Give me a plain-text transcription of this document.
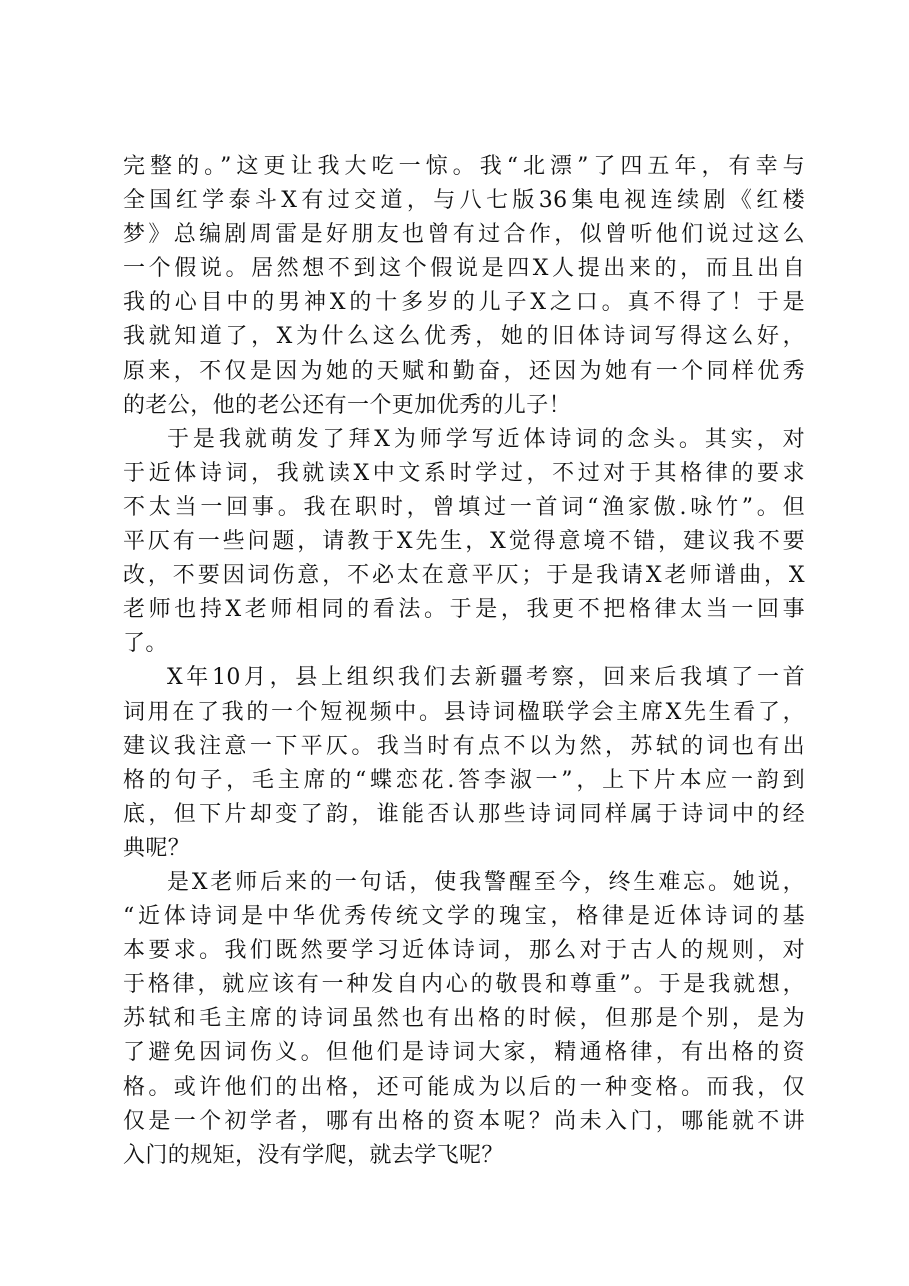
完整的。”这更让我大吃一惊。我“北漂”了四五年，有幸与
全国红学泰斗X有过交道，与八七版36集电视连续剧《红楼
梦》总编剧周雷是好朋友也曾有过合作，似曾听他们说过这么
一个假说。居然想不到这个假说是四X人提出来的，而且出自
我的心目中的男神X的十多岁的儿子X之口。真不得了！于是
我就知道了，X为什么这么优秀，她的旧体诗词写得这么好，
原来，不仅是因为她的天赋和勤奋，还因为她有一个同样优秀
的老公，他的老公还有一个更加优秀的儿子！

于是我就萌发了拜X为师学写近体诗词的念头。其实，对
于近体诗词，我就读X中文系时学过，不过对于其格律的要求
不太当一回事。我在职时，曾填过一首词“渔家傲.咏竹”。但
平仄有一些问题，请教于X先生，X觉得意境不错，建议我不要
改，不要因词伤意，不必太在意平仄；于是我请X老师谱曲，X
老师也持X老师相同的看法。于是，我更不把格律太当一回事
了。

X年10月，县上组织我们去新疆考察，回来后我填了一首
词用在了我的一个短视频中。县诗词楹联学会主席X先生看了，
建议我注意一下平仄。我当时有点不以为然，苏轼的词也有出
格的句子，毛主席的“蝶恋花.答李淑一”，上下片本应一韵到
底，但下片却变了韵，谁能否认那些诗词同样属于诗词中的经
典呢？

是X老师后来的一句话，使我警醒至今，终生难忘。她说，
“近体诗词是中华优秀传统文学的瑰宝，格律是近体诗词的基
本要求。我们既然要学习近体诗词，那么对于古人的规则，对
于格律，就应该有一种发自内心的敬畏和尊重”。于是我就想，
苏轼和毛主席的诗词虽然也有出格的时候，但那是个别，是为
了避免因词伤义。但他们是诗词大家，精通格律，有出格的资
格。或许他们的出格，还可能成为以后的一种变格。而我，仅
仅是一个初学者，哪有出格的资本呢？尚未入门，哪能就不讲
入门的规矩，没有学爬，就去学飞呢？
